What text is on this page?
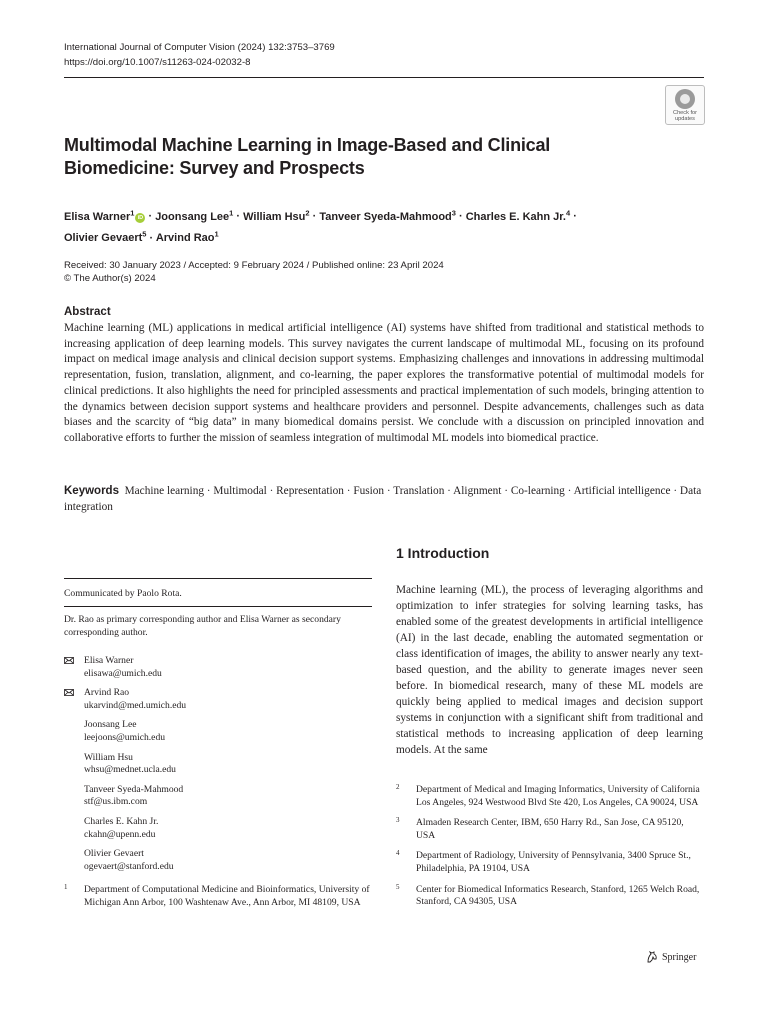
International Journal of Computer Vision (2024) 132:3753–3769
https://doi.org/10.1007/s11263-024-02032-8
Check for
updates
Multimodal Machine Learning in Image-Based and Clinical Biomedicine: Survey and Prospects
Elisa Warner$^1$iD · Joonsang Lee$^1$ · William Hsu$^2$ · Tanveer Syeda-Mahmood$^3$ · Charles E. Kahn Jr.$^4$ ·
Olivier Gevaert$^5$ · Arvind Rao$^1$
Received: 30 January 2023 / Accepted: 9 February 2024 / Published online: 23 April 2024
© The Author(s) 2024
Abstract
Machine learning (ML) applications in medical artificial intelligence (AI) systems have shifted from traditional and statistical methods to increasing application of deep learning models. This survey navigates the current landscape of multimodal ML, focusing on its profound impact on medical image analysis and clinical decision support systems. Emphasizing challenges and innovations in addressing multimodal representation, fusion, translation, alignment, and co-learning, the paper explores the transformative potential of multimodal models for clinical predictions. It also highlights the need for principled assessments and practical implementation of such models, bringing attention to the dynamics between decision support systems and healthcare providers and personnel. Despite advancements, challenges such as data biases and the scarcity of “big data” in many biomedical domains persist. We conclude with a discussion on principled innovation and collaborative efforts to further the mission of seamless integration of multimodal ML models into biomedical practice.
Keywords Machine learning · Multimodal · Representation · Fusion · Translation · Alignment · Co-learning · Artificial intelligence · Data integration
Communicated by Paolo Rota.
Dr. Rao as primary corresponding author and Elisa Warner as secondary corresponding author.
Elisa Warner
elisawa@umich.edu
Arvind Rao
ukarvind@med.umich.edu
Joonsang Lee
leejoons@umich.edu
William Hsu
whsu@mednet.ucla.edu
Tanveer Syeda-Mahmood
stf@us.ibm.com
Charles E. Kahn Jr.
ckahn@upenn.edu
Olivier Gevaert
ogevaert@stanford.edu
1 Department of Computational Medicine and Bioinformatics, University of Michigan Ann Arbor, 100 Washtenaw Ave., Ann Arbor, MI 48109, USA
1 Introduction
Machine learning (ML), the process of leveraging algorithms and optimization to infer strategies for solving learning tasks, has enabled some of the greatest developments in artificial intelligence (AI) in the last decade, enabling the automated segmentation or class identification of images, the ability to answer nearly any text-based question, and the ability to generate images never seen before. In biomedical research, many of these ML models are quickly being applied to medical images and decision support systems in conjunction with a significant shift from traditional and statistical methods to increasing application of deep learning models. At the same
2 Department of Medical and Imaging Informatics, University of California Los Angeles, 924 Westwood Blvd Ste 420, Los Angeles, CA 90024, USA
3 Almaden Research Center, IBM, 650 Harry Rd., San Jose, CA 95120, USA
4 Department of Radiology, University of Pennsylvania, 3400 Spruce St., Philadelphia, PA 19104, USA
5 Center for Biomedical Informatics Research, Stanford, 1265 Welch Road, Stanford, CA 94305, USA
Springer
